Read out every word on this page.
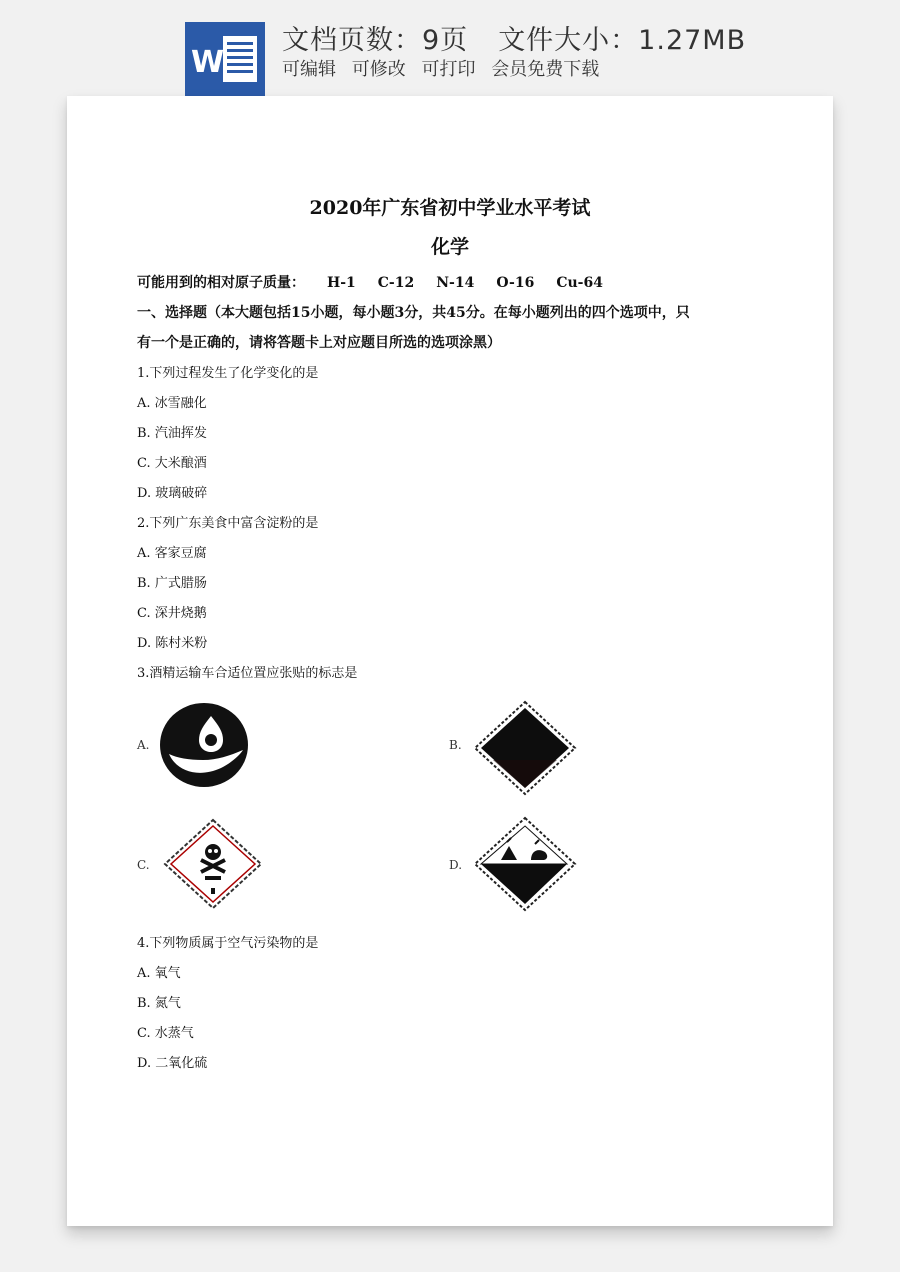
W
文档页数：9页 文件大小：1.27MB
可编辑 可修改 可打印 会员免费下载
2020年广东省初中学业水平考试
化学
可能用到的相对原子质量： H-1 C-12 N-14 O-16 Cu-64
一、选择题（本大题包括15小题，每小题3分，共45分。在每小题列出的四个选项中，只
有一个是正确的，请将答题卡上对应题目所选的选项涂黑）
1.下列过程发生了化学变化的是
A. 冰雪融化
B. 汽油挥发
C. 大米酿酒
D. 玻璃破碎
2.下列广东美食中富含淀粉的是
A. 客家豆腐
B. 广式腊肠
C. 深井烧鹅
D. 陈村米粉
3.酒精运输车合适位置应张贴的标志是
A.	B.
C.	D.
4.下列物质属于空气污染物的是
A. 氧气
B. 氮气
C. 水蒸气
D. 二氧化硫
